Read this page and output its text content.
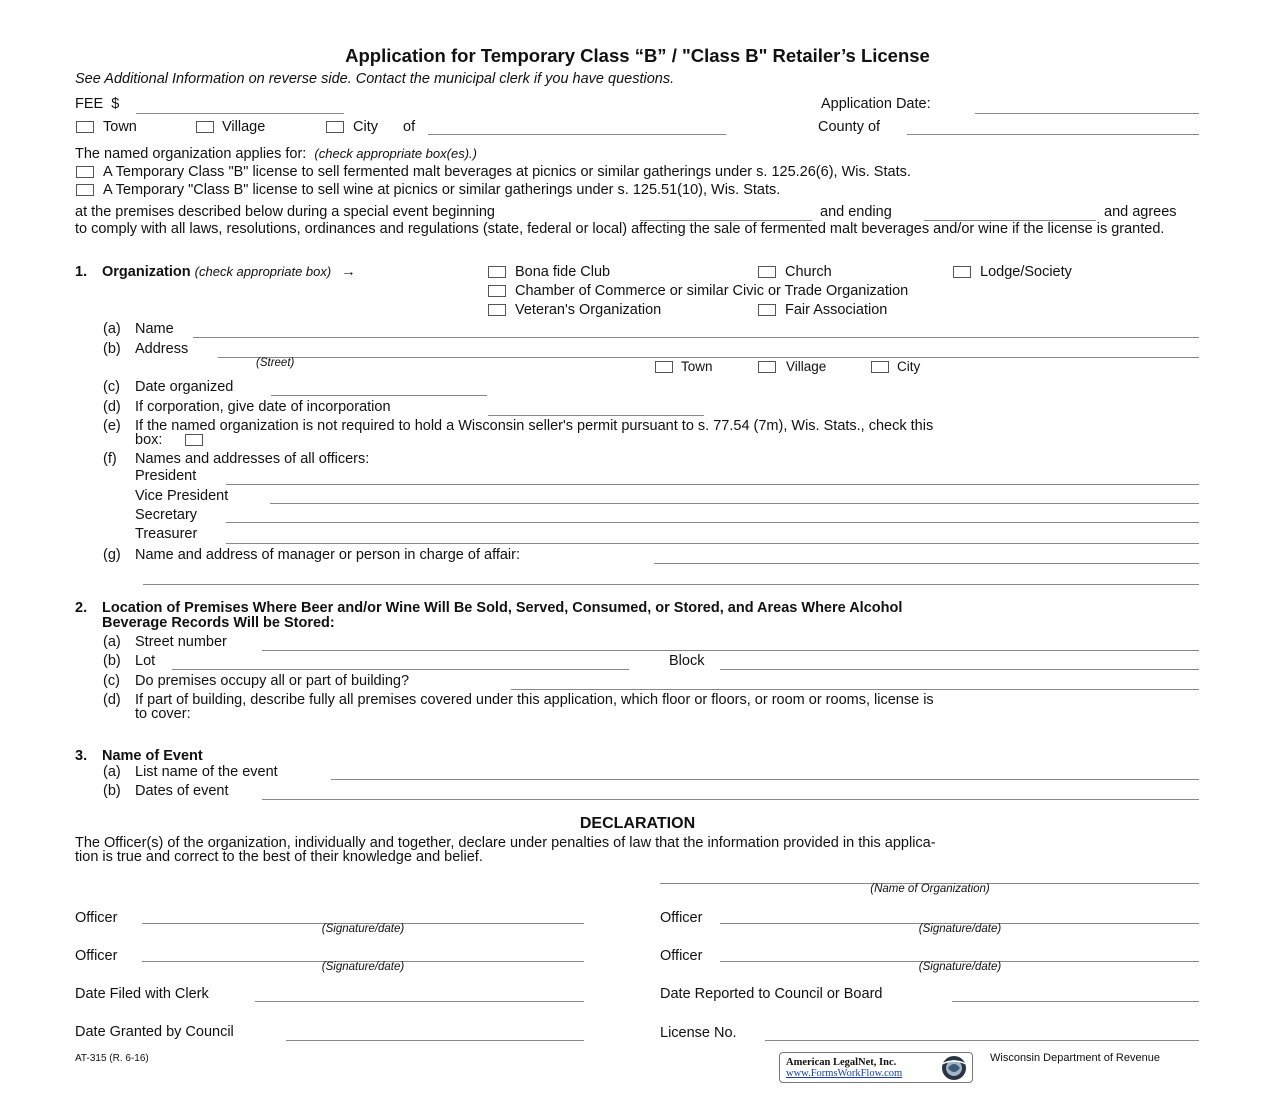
Application for Temporary Class “B” / "Class B" Retailer’s License
See Additional Information on reverse side. Contact the municipal clerk if you have questions.
FEE $	Application Date:
Town	Village	City of	County of
The named organization applies for: (check appropriate box(es).)
A Temporary Class "B" license to sell fermented malt beverages at picnics or similar gatherings under s. 125.26(6), Wis. Stats.
A Temporary "Class B" license to sell wine at picnics or similar gatherings under s. 125.51(10), Wis. Stats.
at the premises described below during a special event beginning	and ending	and agrees
to comply with all laws, resolutions, ordinances and regulations (state, federal or local) affecting the sale of fermented malt beverages and/or wine if the license is granted.
1. Organization (check appropriate box) →	Bona fide Club	Church	Lodge/Society
Chamber of Commerce or similar Civic or Trade Organization
Veteran's Organization	Fair Association
(a) Name
(b) Address
(Street)	Town	Village	City
(c) Date organized
(d) If corporation, give date of incorporation
(e) If the named organization is not required to hold a Wisconsin seller's permit pursuant to s. 77.54 (7m), Wis. Stats., check this
box:
(f) Names and addresses of all officers:
President
Vice President
Secretary
Treasurer
(g) Name and address of manager or person in charge of affair:
2. Location of Premises Where Beer and/or Wine Will Be Sold, Served, Consumed, or Stored, and Areas Where Alcohol
Beverage Records Will be Stored:
(a) Street number
(b) Lot	Block
(c) Do premises occupy all or part of building?
(d) If part of building, describe fully all premises covered under this application, which floor or floors, or room or rooms, license is
to cover:
3. Name of Event
(a) List name of the event
(b) Dates of event
DECLARATION
The Officer(s) of the organization, individually and together, declare under penalties of law that the information provided in this applica-
tion is true and correct to the best of their knowledge and belief.
(Name of Organization)
Officer
(Signature/date)
Officer
(Signature/date)
Officer
(Signature/date)
Officer
(Signature/date)
Date Filed with Clerk	Date Reported to Council or Board
Date Granted by Council	License No.
AT-315 (R. 6-16)	Wisconsin Department of Revenue
American LegalNet, Inc.
www.FormsWorkFlow.com
